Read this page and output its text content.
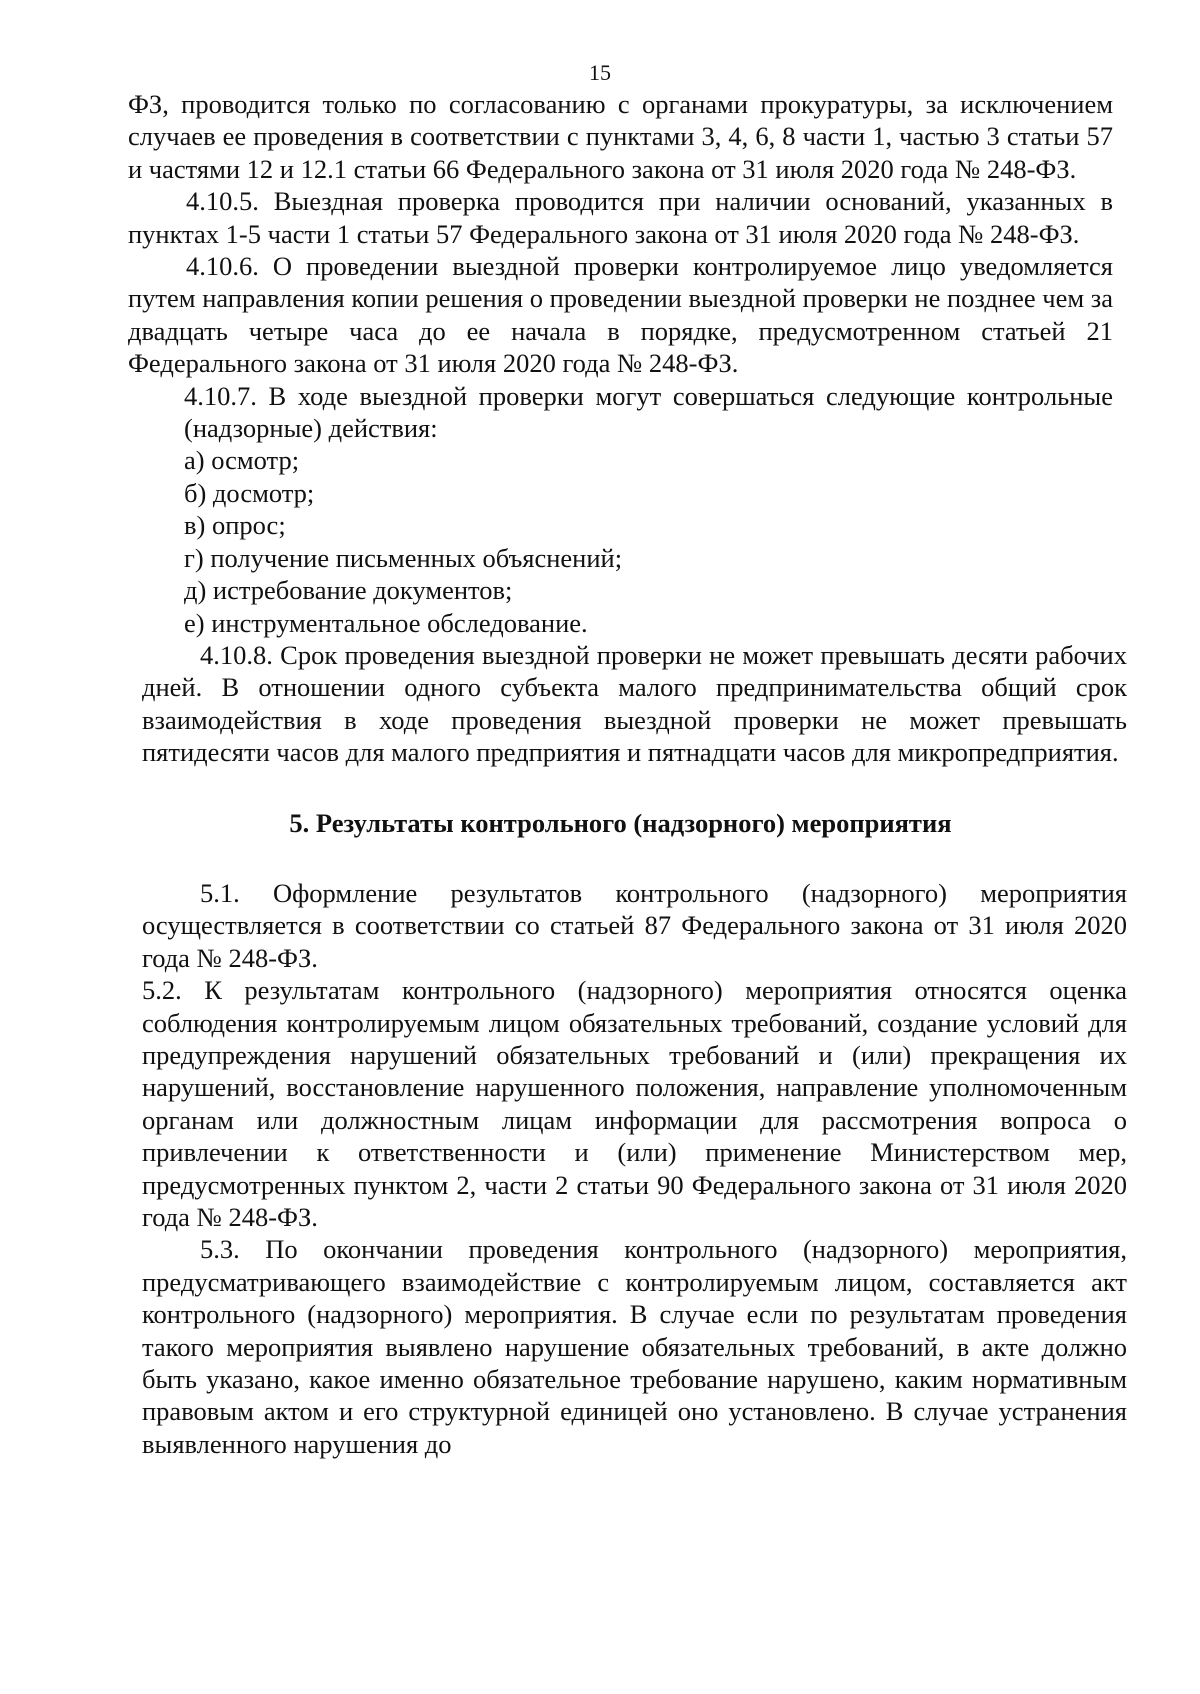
15

ФЗ, проводится только по согласованию с органами прокуратуры, за исключением случаев ее проведения в соответствии с пунктами 3, 4, 6, 8 части 1, частью 3 статьи 57 и частями 12 и 12.1 статьи 66 Федерального закона от 31 июля 2020 года № 248-ФЗ.

4.10.5. Выездная проверка проводится при наличии оснований, указанных в пунктах 1-5 части 1 статьи 57 Федерального закона от 31 июля 2020 года № 248-ФЗ.

4.10.6. О проведении выездной проверки контролируемое лицо уведомляется путем направления копии решения о проведении выездной проверки не позднее чем за двадцать четыре часа до ее начала в порядке, предусмотренном статьей 21 Федерального закона от 31 июля 2020 года № 248-ФЗ.

4.10.7. В ходе выездной проверки могут совершаться следующие контрольные (надзорные) действия:

а) осмотр;

б) досмотр;

в) опрос;

г) получение письменных объяснений;

д) истребование документов;

е) инструментальное обследование.

4.10.8. Срок проведения выездной проверки не может превышать десяти рабочих дней. В отношении одного субъекта малого предпринимательства общий срок взаимодействия в ходе проведения выездной проверки не может превышать пятидесяти часов для малого предприятия и пятнадцати часов для микропредприятия.

5. Результаты контрольного (надзорного) мероприятия

5.1. Оформление результатов контрольного (надзорного) мероприятия осуществляется в соответствии со статьей 87 Федерального закона от 31 июля 2020 года № 248-ФЗ.

5.2. К результатам контрольного (надзорного) мероприятия относятся оценка соблюдения контролируемым лицом обязательных требований, создание условий для предупреждения нарушений обязательных требований и (или) прекращения их нарушений, восстановление нарушенного положения, направление уполномоченным органам или должностным лицам информации для рассмотрения вопроса о привлечении к ответственности и (или) применение Министерством мер, предусмотренных пунктом 2, части 2 статьи 90 Федерального закона от 31 июля 2020 года № 248-ФЗ.

5.3. По окончании проведения контрольного (надзорного) мероприятия, предусматривающего взаимодействие с контролируемым лицом, составляется акт контрольного (надзорного) мероприятия. В случае если по результатам проведения такого мероприятия выявлено нарушение обязательных требований, в акте должно быть указано, какое именно обязательное требование нарушено, каким нормативным правовым актом и его структурной единицей оно установлено. В случае устранения выявленного нарушения до
